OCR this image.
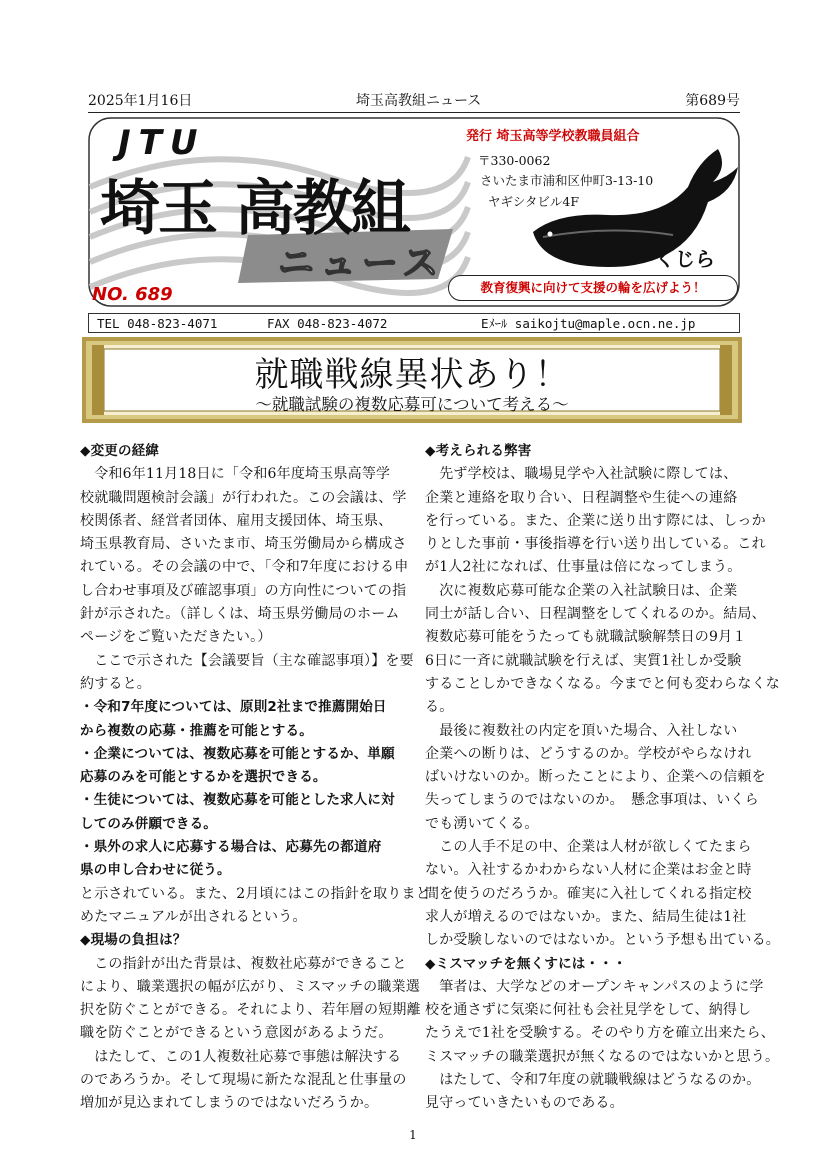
2025年1月16日	埼玉高教組ニュース	第689号
JTU
埼玉 高教組
ニュース
NO. 689
発行 埼玉高等学校教職員組合
〒330-0062
さいたま市浦和区仲町3-13-10
ヤギシタビル4F
くじら
教育復興に向けて支援の輪を広げよう！
TEL 048-823-4071	FAX 048-823-4072	Eﾒｰﾙ saikojtu@maple.ocn.ne.jp
就職戦線異状あり！
～就職試験の複数応募可について考える～

◆変更の経緯

　令和6年11月18日に「令和6年度埼玉県高等学

校就職問題検討会議」が行われた。この会議は、学

校関係者、経営者団体、雇用支援団体、埼玉県、

埼玉県教育局、さいたま市、埼玉労働局から構成さ

れている。その会議の中で、「令和7年度における申

し合わせ事項及び確認事項」の方向性についての指

針が示された。（詳しくは、埼玉県労働局のホーム

ページをご覧いただきたい。）

　ここで示された【会議要旨（主な確認事項）】を要

約すると。

・令和7年度については、原則2社まで推薦開始日

から複数の応募・推薦を可能とする。

・企業については、複数応募を可能とするか、単願

応募のみを可能とするかを選択できる。

・生徒については、複数応募を可能とした求人に対

してのみ併願できる。

・県外の求人に応募する場合は、応募先の都道府

県の申し合わせに従う。

と示されている。また、2月頃にはこの指針を取りまと

めたマニュアルが出されるという。

◆現場の負担は？

　この指針が出た背景は、複数社応募ができること

により、職業選択の幅が広がり、ミスマッチの職業選

択を防ぐことができる。それにより、若年層の短期離

職を防ぐことができるという意図があるようだ。

　はたして、この1人複数社応募で事態は解決する

のであろうか。そして現場に新たな混乱と仕事量の

増加が見込まれてしまうのではないだろうか。

◆考えられる弊害

　先ず学校は、職場見学や入社試験に際しては、

企業と連絡を取り合い、日程調整や生徒への連絡

を行っている。また、企業に送り出す際には、しっか

りとした事前・事後指導を行い送り出している。これ

が1人2社になれば、仕事量は倍になってしまう。

　次に複数応募可能な企業の入社試験日は、企業

同士が話し合い、日程調整をしてくれるのか。結局、

複数応募可能をうたっても就職試験解禁日の9月１

6日に一斉に就職試験を行えば、実質1社しか受験

することしかできなくなる。今までと何も変わらなくな

る。

　最後に複数社の内定を頂いた場合、入社しない

企業への断りは、どうするのか。学校がやらなけれ

ばいけないのか。断ったことにより、企業への信頼を

失ってしまうのではないのか。　懸念事項は、いくら

でも湧いてくる。

　この人手不足の中、企業は人材が欲しくてたまら

ない。入社するかわからない人材に企業はお金と時

間を使うのだろうか。確実に入社してくれる指定校

求人が増えるのではないか。また、結局生徒は1社

しか受験しないのではないか。という予想も出ている。

◆ミスマッチを無くすには・・・

　筆者は、大学などのオープンキャンパスのように学

校を通さずに気楽に何社も会社見学をして、納得し

たうえで1社を受験する。そのやり方を確立出来たら、

ミスマッチの職業選択が無くなるのではないかと思う。

　はたして、令和7年度の就職戦線はどうなるのか。

見守っていきたいものである。

1
